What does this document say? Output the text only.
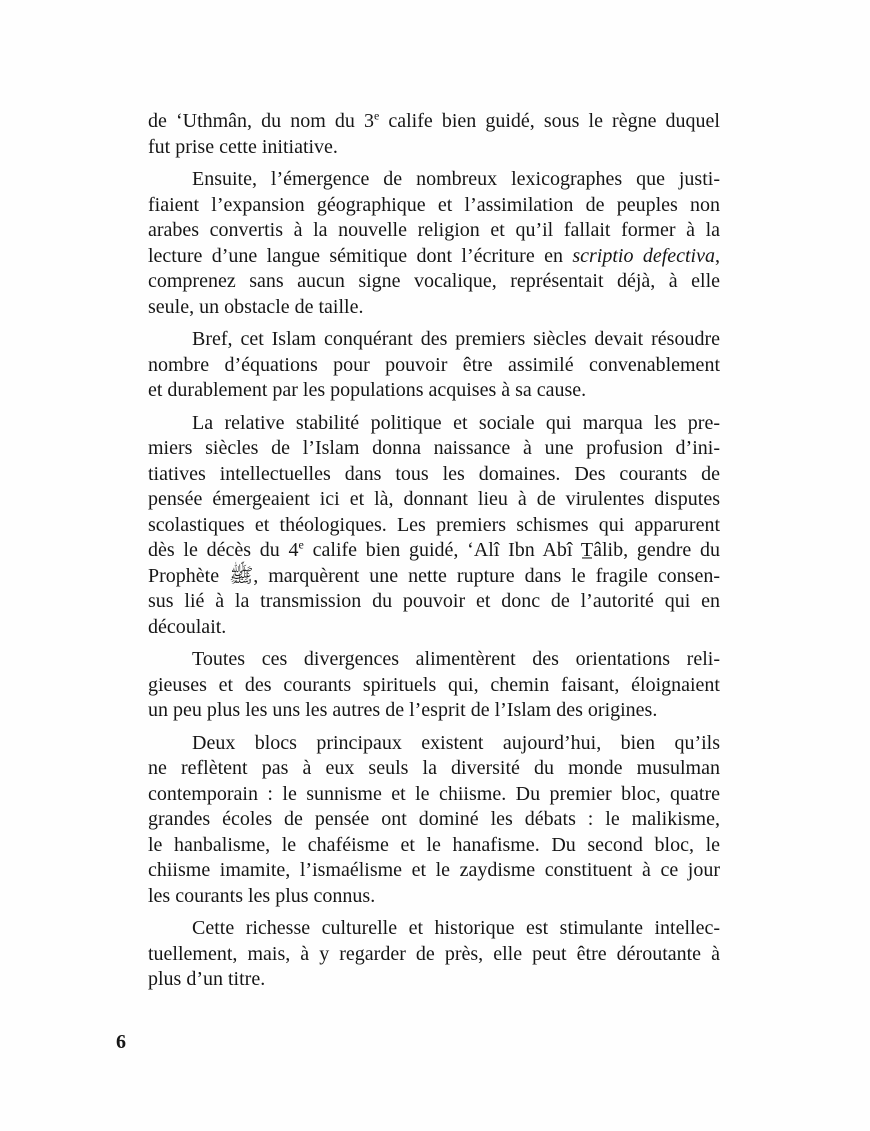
de ‘Uthmân, du nom du 3e calife bien guidé, sous le règne duquel
fut prise cette initiative.
Ensuite, l’émergence de nombreux lexicographes que justi-
fiaient l’expansion géographique et l’assimilation de peuples non
arabes convertis à la nouvelle religion et qu’il fallait former à la
lecture d’une langue sémitique dont l’écriture en scriptio defectiva,
comprenez sans aucun signe vocalique, représentait déjà, à elle
seule, un obstacle de taille.
Bref, cet Islam conquérant des premiers siècles devait résoudre
nombre d’équations pour pouvoir être assimilé convenablement
et durablement par les populations acquises à sa cause.
La relative stabilité politique et sociale qui marqua les pre-
miers siècles de l’Islam donna naissance à une profusion d’ini-
tiatives intellectuelles dans tous les domaines. Des courants de
pensée émergeaient ici et là, donnant lieu à de virulentes disputes
scolastiques et théologiques. Les premiers schismes qui apparurent
dès le décès du 4e calife bien guidé, ‘Alî Ibn Abî T̲âlib, gendre du
Prophète ﷺ, marquèrent une nette rupture dans le fragile consen-
sus lié à la transmission du pouvoir et donc de l’autorité qui en
découlait.
Toutes ces divergences alimentèrent des orientations reli-
gieuses et des courants spirituels qui, chemin faisant, éloignaient
un peu plus les uns les autres de l’esprit de l’Islam des origines.
Deux blocs principaux existent aujourd’hui, bien qu’ils
ne reflètent pas à eux seuls la diversité du monde musulman
contemporain : le sunnisme et le chiisme. Du premier bloc, quatre
grandes écoles de pensée ont dominé les débats : le malikisme,
le hanbalisme, le chaféisme et le hanafisme. Du second bloc, le
chiisme imamite, l’ismaélisme et le zaydisme constituent à ce jour
les courants les plus connus.
Cette richesse culturelle et historique est stimulante intellec-
tuellement, mais, à y regarder de près, elle peut être déroutante à
plus d’un titre.
6
